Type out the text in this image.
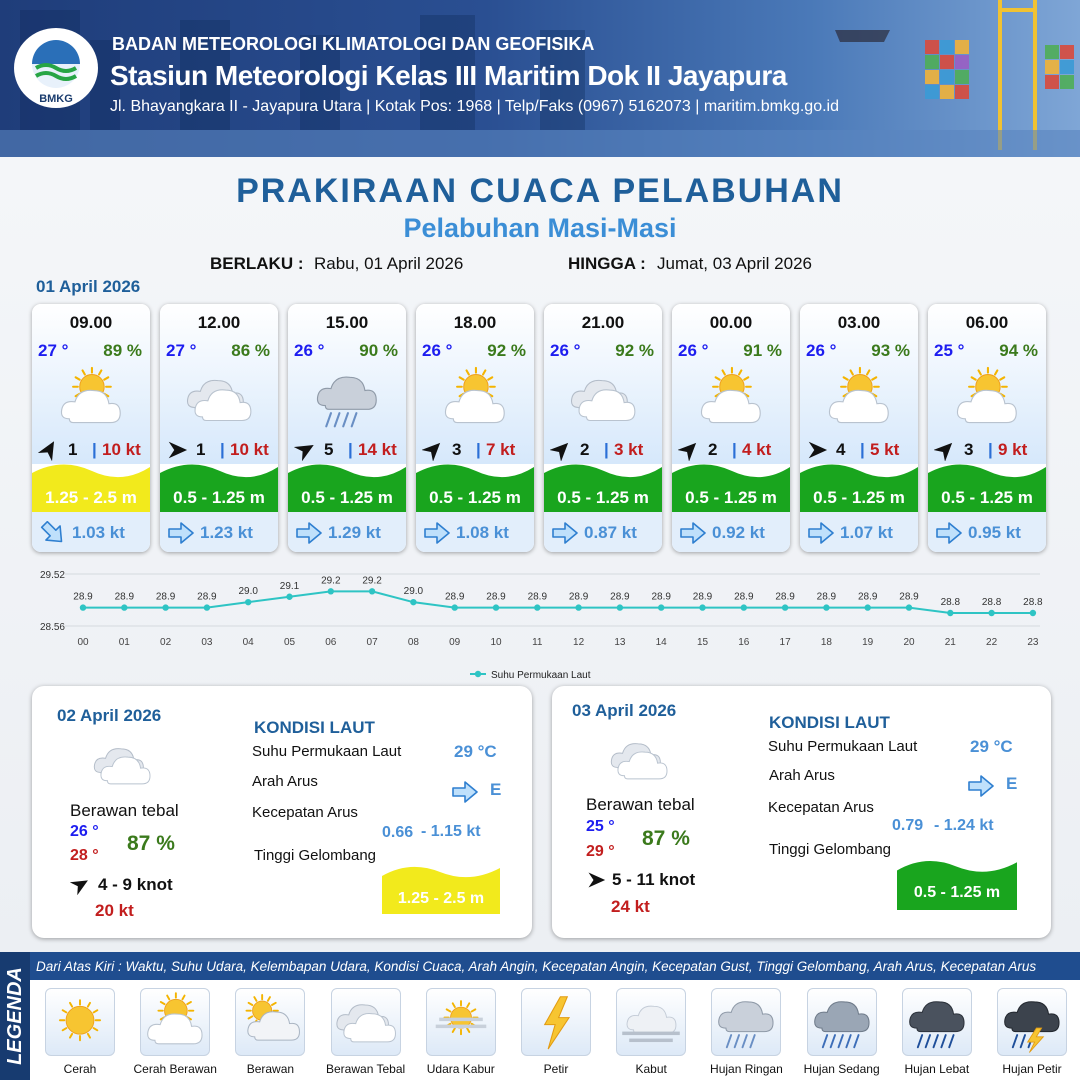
BMKG
BADAN METEOROLOGI KLIMATOLOGI DAN GEOFISIKA
Stasiun Meteorologi Kelas III Maritim Dok II Jayapura
Jl. Bhayangkara II - Jayapura Utara | Kotak Pos: 1968 | Telp/Faks (0967) 5162073 | maritim.bmkg.go.id
PRAKIRAAN CUACA PELABUHAN
Pelabuhan Masi-Masi
BERLAKU : Rabu, 01 April 2026	HINGGA : Jumat, 03 April 2026
01 April 2026
09.00
27 ° 89 %
1 | 10 kt
1.25 - 2.5 m
1.03 kt
12.00
27 ° 86 %
1 | 10 kt
0.5 - 1.25 m
1.23 kt
15.00
26 ° 90 %
5 | 14 kt
0.5 - 1.25 m
1.29 kt
18.00
26 ° 92 %
3 | 7 kt
0.5 - 1.25 m
1.08 kt
21.00
26 ° 92 %
2 | 3 kt
0.5 - 1.25 m
0.87 kt
00.00
26 ° 91 %
2 | 4 kt
0.5 - 1.25 m
0.92 kt
03.00
26 ° 93 %
4 | 5 kt
0.5 - 1.25 m
1.07 kt
06.00
25 ° 94 %
3 | 9 kt
0.5 - 1.25 m
0.95 kt
29.52
28.56
28.9
00
28.9
01
28.9
02
28.9
03
29.0
04
29.1
05
29.2
06
29.2
07
29.0
08
28.9
09
28.9
10
28.9
11
28.9
12
28.9
13
28.9
14
28.9
15
28.9
16
28.9
17
28.9
18
28.9
19
28.9
20
28.8
21
28.8
22
28.8
23
Suhu Permukaan Laut
02 April 2026
Berawan tebal
26 °
28 °
87 %
4 - 9 knot
20 kt
KONDISI LAUT
Suhu Permukaan Laut	29 °C
Arah Arus	E
Kecepatan Arus
0.66 - 1.15 kt
Tinggi Gelombang
1.25 - 2.5 m
03 April 2026
Berawan tebal
25 °
29 °
87 %
5 - 11 knot
24 kt
KONDISI LAUT
Suhu Permukaan Laut	29 °C
Arah Arus	E
Kecepatan Arus
0.79 - 1.24 kt
Tinggi Gelombang
0.5 - 1.25 m
LEGENDA
Dari Atas Kiri : Waktu, Suhu Udara, Kelembapan Udara, Kondisi Cuaca, Arah Angin, Kecepatan Angin, Kecepatan Gust, Tinggi Gelombang, Arah Arus, Kecepatan Arus
Cerah	Cerah Berawan	Berawan	Berawan Tebal	Udara Kabur	Petir	Kabut	Hujan Ringan	Hujan Sedang	Hujan Lebat	Hujan Petir
